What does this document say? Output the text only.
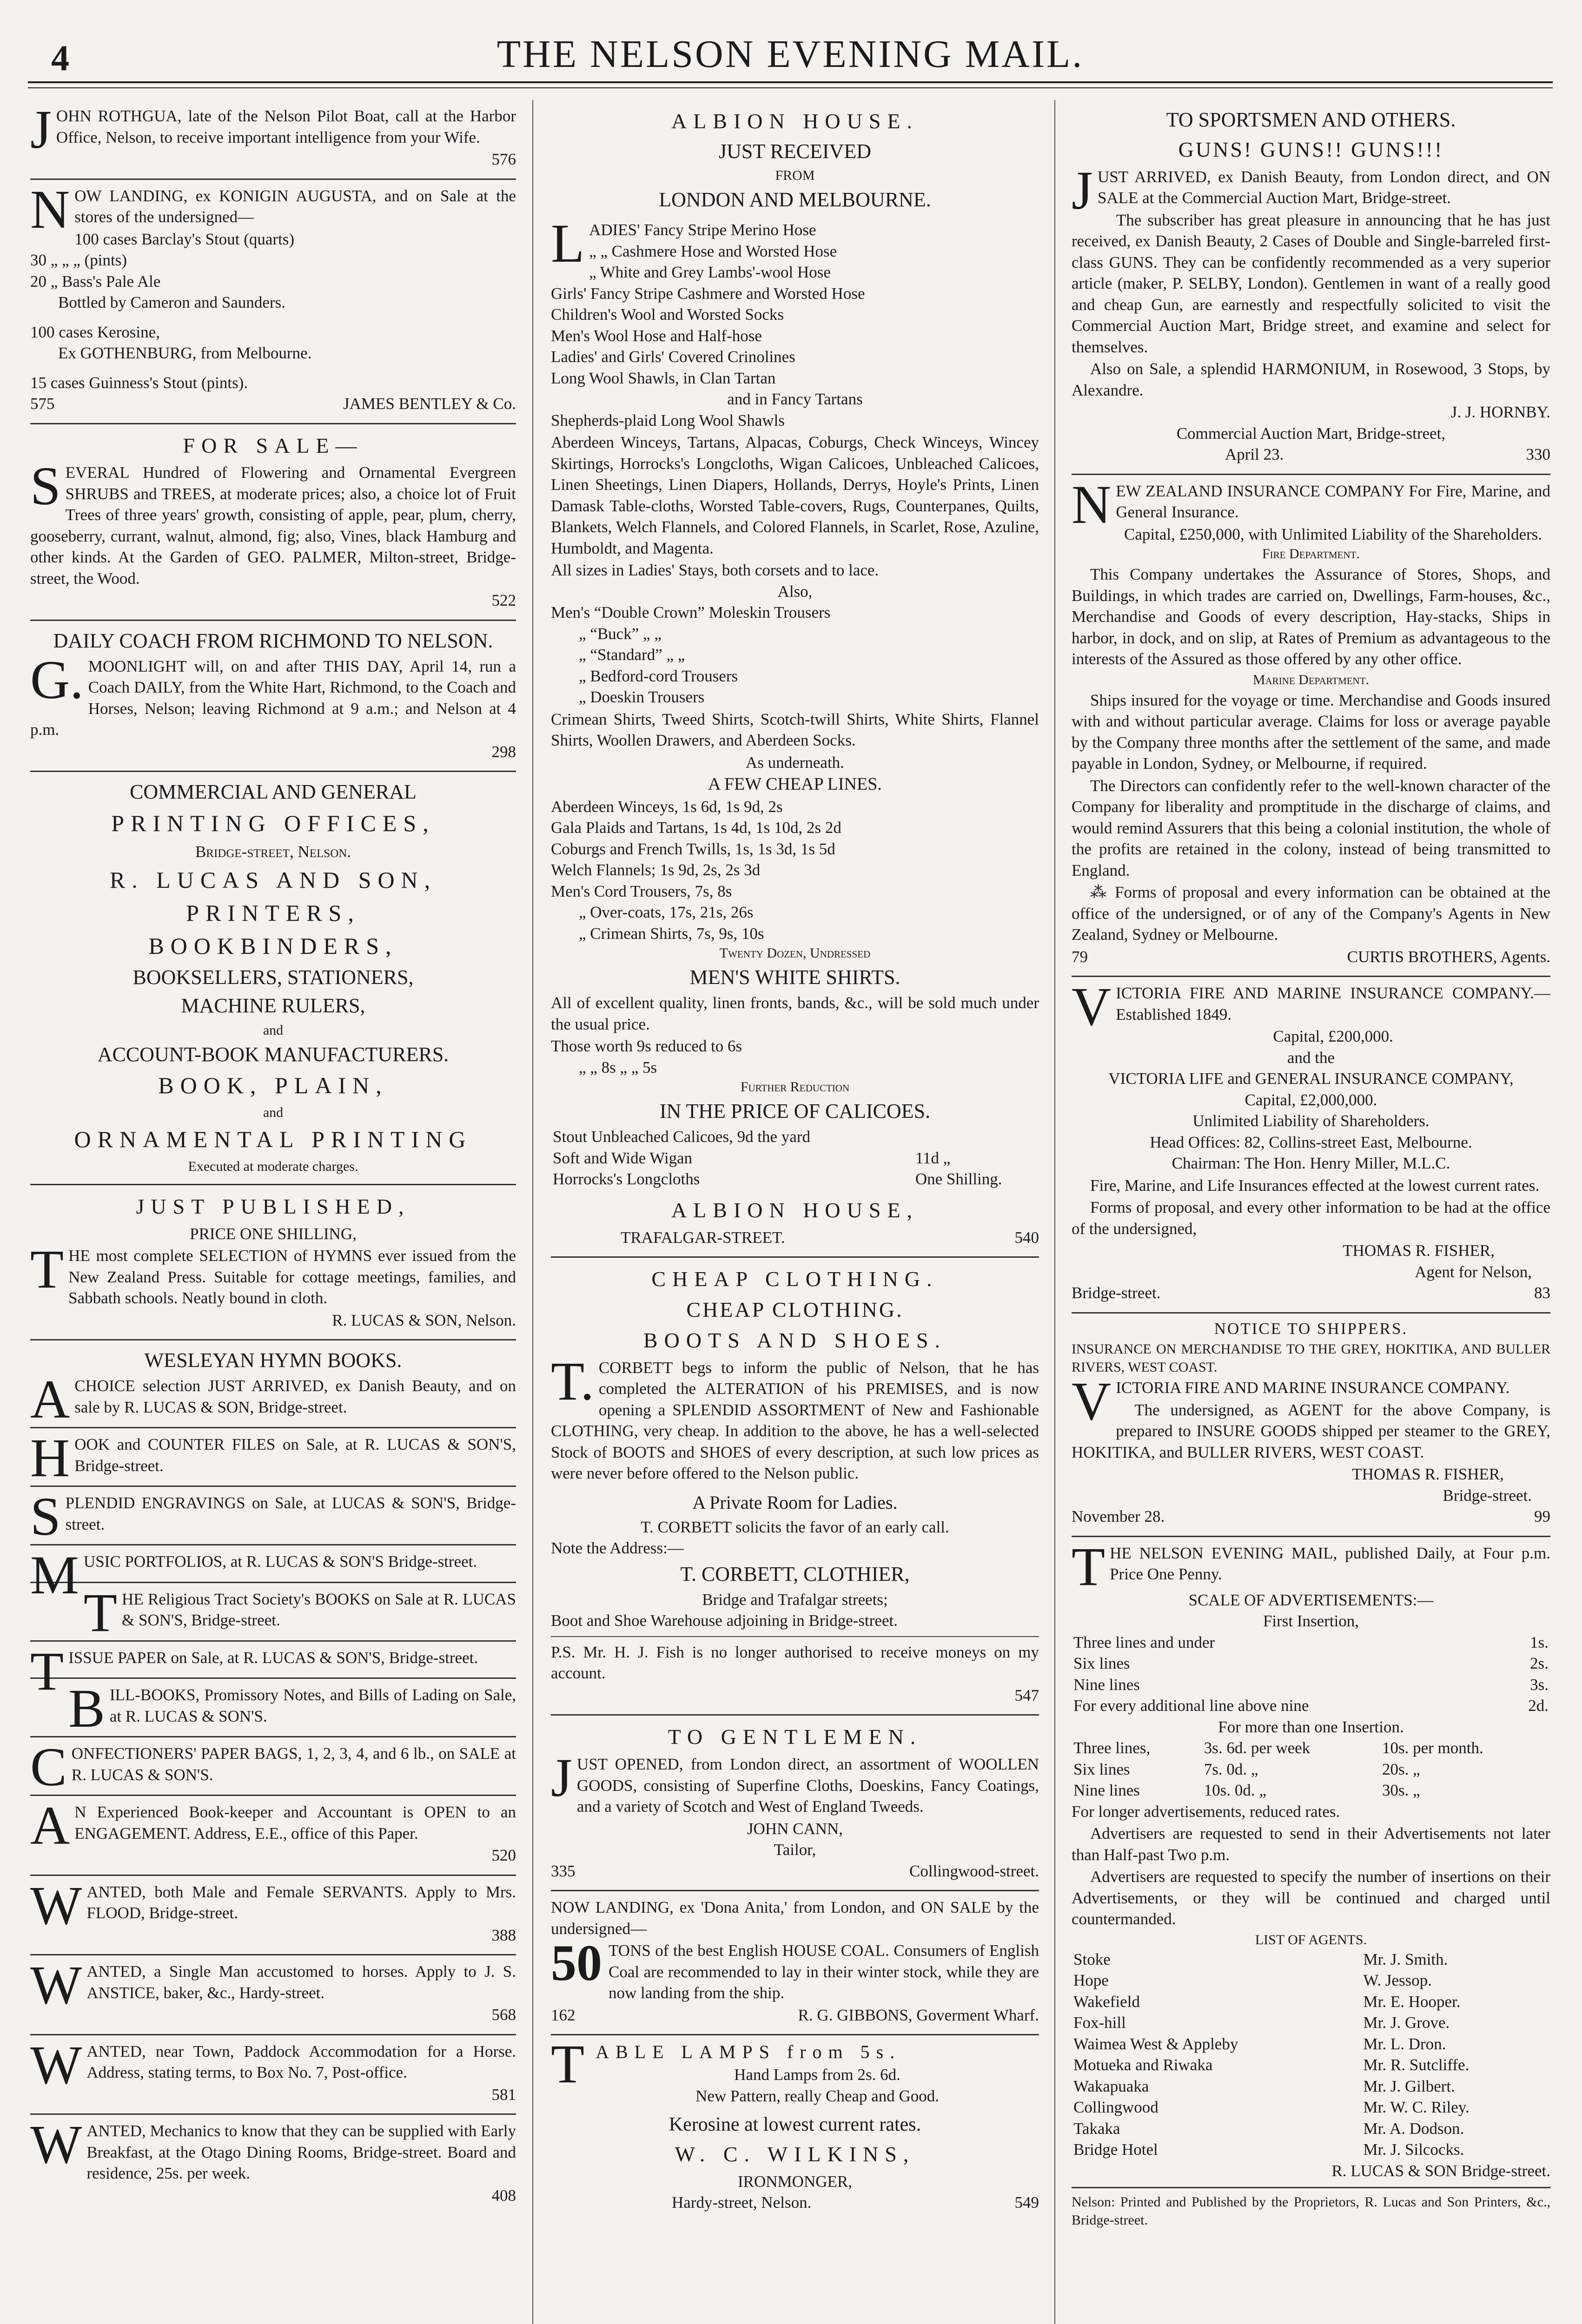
4	THE NELSON EVENING MAIL.

JOHN ROTHGUA, late of the Nelson Pilot Boat, call at the Harbor Office, Nelson, to receive important intelligence from your Wife.

576

NOW LANDING, ex KONIGIN AUGUSTA, and on Sale at the stores of the undersigned—

100 cases Barclay's Stout (quarts)
30 „ „ „ (pints)
20 „ Bass's Pale Ale
Bottled by Cameron and Saunders.
100 cases Kerosine,
Ex GOTHENBURG, from Melbourne.
15 cases Guinness's Stout (pints).
575	JAMES BENTLEY & Co.
FOR SALE—

SEVERAL Hundred of Flowering and Ornamental Evergreen SHRUBS and TREES, at moderate prices; also, a choice lot of Fruit Trees of three years' growth, consisting of apple, pear, plum, cherry, gooseberry, currant, walnut, almond, fig; also, Vines, black Hamburg and other kinds. At the Garden of GEO. PALMER, Milton-street, Bridge-street, the Wood.

522
DAILY COACH FROM RICHMOND TO NELSON.

G.MOONLIGHT will, on and after THIS DAY, April 14, run a Coach DAILY, from the White Hart, Richmond, to the Coach and Horses, Nelson; leaving Richmond at 9 a.m.; and Nelson at 4 p.m.

298
COMMERCIAL AND GENERAL
PRINTING OFFICES,
Bridge-street, Nelson.
R. LUCAS AND SON,
PRINTERS,
BOOKBINDERS,
BOOKSELLERS, STATIONERS,
MACHINE RULERS,
and
ACCOUNT-BOOK MANUFACTURERS.
BOOK, PLAIN,
and
ORNAMENTAL PRINTING
Executed at moderate charges.
JUST PUBLISHED,
PRICE ONE SHILLING,

THE most complete SELECTION of HYMNS ever issued from the New Zealand Press. Suitable for cottage meetings, families, and Sabbath schools. Neatly bound in cloth.

R. LUCAS & SON, Nelson.
WESLEYAN HYMN BOOKS.

ACHOICE selection JUST ARRIVED, ex Danish Beauty, and on sale by R. LUCAS & SON, Bridge-street.

HOOK and COUNTER FILES on Sale, at R. LUCAS & SON'S, Bridge-street.

SPLENDID ENGRAVINGS on Sale, at LUCAS & SON'S, Bridge-street.

MUSIC PORTFOLIOS, at R. LUCAS & SON'S Bridge-street.

THE Religious Tract Society's BOOKS on Sale at R. LUCAS & SON'S, Bridge-street.

TISSUE PAPER on Sale, at R. LUCAS & SON'S, Bridge-street.

BILL-BOOKS, Promissory Notes, and Bills of Lading on Sale, at R. LUCAS & SON'S.

CONFECTIONERS' PAPER BAGS, 1, 2, 3, 4, and 6 lb., on SALE at R. LUCAS & SON'S.

AN Experienced Book-keeper and Accountant is OPEN to an ENGAGEMENT. Address, E.E., office of this Paper.

520

WANTED, both Male and Female SERVANTS. Apply to Mrs. FLOOD, Bridge-street.

388

WANTED, a Single Man accustomed to horses. Apply to J. S. ANSTICE, baker, &c., Hardy-street.

568

WANTED, near Town, Paddock Accommodation for a Horse. Address, stating terms, to Box No. 7, Post-office.

581

WANTED, Mechanics to know that they can be supplied with Early Breakfast, at the Otago Dining Rooms, Bridge-street. Board and residence, 25s. per week.

408
ALBION HOUSE.
JUST RECEIVED
FROM
LONDON AND MELBOURNE.
LADIES' Fancy Stripe Merino Hose
„ „ Cashmere Hose and Worsted Hose
„ White and Grey Lambs'-wool Hose
Girls' Fancy Stripe Cashmere and Worsted Hose
Children's Wool and Worsted Socks
Men's Wool Hose and Half-hose
Ladies' and Girls' Covered Crinolines
Long Wool Shawls, in Clan Tartan
and in Fancy Tartans
Shepherds-plaid Long Wool Shawls

Aberdeen Winceys, Tartans, Alpacas, Coburgs, Check Winceys, Wincey Skirtings, Horrocks's Longcloths, Wigan Calicoes, Unbleached Calicoes, Linen Sheetings, Linen Diapers, Hollands, Derrys, Hoyle's Prints, Linen Damask Table-cloths, Worsted Table-covers, Rugs, Counterpanes, Quilts, Blankets, Welch Flannels, and Colored Flannels, in Scarlet, Rose, Azuline, Humboldt, and Magenta.

All sizes in Ladies' Stays, both corsets and to lace.
Also,
Men's “Double Crown” Moleskin Trousers
„ “Buck” „ „
„ “Standard” „ „
„ Bedford-cord Trousers
„ Doeskin Trousers

Crimean Shirts, Tweed Shirts, Scotch-twill Shirts, White Shirts, Flannel Shirts, Woollen Drawers, and Aberdeen Socks.

As underneath.
A FEW CHEAP LINES.
Aberdeen Winceys, 1s 6d, 1s 9d, 2s
Gala Plaids and Tartans, 1s 4d, 1s 10d, 2s 2d
Coburgs and French Twills, 1s, 1s 3d, 1s 5d
Welch Flannels; 1s 9d, 2s, 2s 3d
Men's Cord Trousers, 7s, 8s
„ Over-coats, 17s, 21s, 26s
„ Crimean Shirts, 7s, 9s, 10s
Twenty Dozen, Undressed
MEN'S WHITE SHIRTS.

All of excellent quality, linen fronts, bands, &c., will be sold much under the usual price.

Those worth 9s reduced to 6s
„ „ 8s „ „ 5s
Further Reduction
IN THE PRICE OF CALICOES.
Stout Unbleached Calicoes, 9d the yard	
Soft and Wide Wigan	11d „
Horrocks's Longcloths	One Shilling.
ALBION HOUSE,
TRAFALGAR-STREET.	540
CHEAP CLOTHING.
CHEAP CLOTHING.
BOOTS AND SHOES.

T.CORBETT begs to inform the public of Nelson, that he has completed the ALTERATION of his PREMISES, and is now opening a SPLENDID ASSORTMENT of New and Fashionable CLOTHING, very cheap. In addition to the above, he has a well-selected Stock of BOOTS and SHOES of every description, at such low prices as were never before offered to the Nelson public.

A Private Room for Ladies.
T. CORBETT solicits the favor of an early call.
Note the Address:—
T. CORBETT, CLOTHIER,
Bridge and Trafalgar streets;
Boot and Shoe Warehouse adjoining in Bridge-street.

P.S. Mr. H. J. Fish is no longer authorised to receive moneys on my account.

547
TO GENTLEMEN.

JUST OPENED, from London direct, an assortment of WOOLLEN GOODS, consisting of Superfine Cloths, Doeskins, Fancy Coatings, and a variety of Scotch and West of England Tweeds.

JOHN CANN,
Tailor,
335	Collingwood-street.

NOW LANDING, ex 'Dona Anita,' from London, and ON SALE by the undersigned—

50 TONS of the best English HOUSE COAL. Consumers of English Coal are recommended to lay in their winter stock, while they are now landing from the ship.

162	R. G. GIBBONS, Goverment Wharf.
TABLE LAMPS from 5s.
Hand Lamps from 2s. 6d.
New Pattern, really Cheap and Good.
Kerosine at lowest current rates.
W. C. WILKINS,
IRONMONGER,
Hardy-street, Nelson.	549
TO SPORTSMEN AND OTHERS.
GUNS! GUNS!! GUNS!!!

JUST ARRIVED, ex Danish Beauty, from London direct, and ON SALE at the Commercial Auction Mart, Bridge-street.

The subscriber has great pleasure in announcing that he has just received, ex Danish Beauty, 2 Cases of Double and Single-barreled first-class GUNS. They can be confidently recommended as a very superior article (maker, P. SELBY, London). Gentlemen in want of a really good and cheap Gun, are earnestly and respectfully solicited to visit the Commercial Auction Mart, Bridge street, and examine and select for themselves.

Also on Sale, a splendid HARMONIUM, in Rosewood, 3 Stops, by Alexandre.

J. J. HORNBY.
Commercial Auction Mart, Bridge-street,
April 23.	330

NEW ZEALAND INSURANCE COMPANY For Fire, Marine, and General Insurance.

Capital, £250,000, with Unlimited Liability of the Shareholders.
Fire Department.

This Company undertakes the Assurance of Stores, Shops, and Buildings, in which trades are carried on, Dwellings, Farm-houses, &c., Merchandise and Goods of every description, Hay-stacks, Ships in harbor, in dock, and on slip, at Rates of Premium as advantageous to the interests of the Assured as those offered by any other office.

Marine Department.

Ships insured for the voyage or time. Merchandise and Goods insured with and without particular average. Claims for loss or average payable by the Company three months after the settlement of the same, and made payable in London, Sydney, or Melbourne, if required.

The Directors can confidently refer to the well-known character of the Company for liberality and promptitude in the discharge of claims, and would remind Assurers that this being a colonial institution, the whole of the profits are retained in the colony, instead of being transmitted to England.

⁂ Forms of proposal and every information can be obtained at the office of the undersigned, or of any of the Company's Agents in New Zealand, Sydney or Melbourne.

79	CURTIS BROTHERS, Agents.

VICTORIA FIRE AND MARINE INSURANCE COMPANY.—Established 1849.

Capital, £200,000.
and the
VICTORIA LIFE and GENERAL INSURANCE COMPANY,
Capital, £2,000,000.
Unlimited Liability of Shareholders.
Head Offices: 82, Collins-street East, Melbourne.
Chairman: The Hon. Henry Miller, M.L.C.

Fire, Marine, and Life Insurances effected at the lowest current rates.

Forms of proposal, and every other information to be had at the office of the undersigned,

THOMAS R. FISHER,
Agent for Nelson,
Bridge-street.	83
NOTICE TO SHIPPERS.

INSURANCE ON MERCHANDISE TO THE GREY, HOKITIKA, AND BULLER RIVERS, WEST COAST.

VICTORIA FIRE AND MARINE INSURANCE COMPANY.

The undersigned, as AGENT for the above Company, is prepared to INSURE GOODS shipped per steamer to the GREY, HOKITIKA, and BULLER RIVERS, WEST COAST.

THOMAS R. FISHER,
Bridge-street.
November 28.	99

THE NELSON EVENING MAIL, published Daily, at Four p.m. Price One Penny.

SCALE OF ADVERTISEMENTS:—
First Insertion,
Three lines and under	1s.
Six lines	2s.
Nine lines	3s.
For every additional line above nine	2d.
For more than one Insertion.
Three lines,	3s. 6d. per week	10s. per month.
Six lines	7s. 0d. „	20s. „
Nine lines	10s. 0d. „	30s. „
For longer advertisements, reduced rates.

Advertisers are requested to send in their Advertisements not later than Half-past Two p.m.

Advertisers are requested to specify the number of insertions on their Advertisements, or they will be continued and charged until countermanded.

LIST OF AGENTS.
Stoke	Mr. J. Smith.
Hope	W. Jessop.
Wakefield	Mr. E. Hooper.
Fox-hill	Mr. J. Grove.
Waimea West & Appleby	Mr. L. Dron.
Motueka and Riwaka	Mr. R. Sutcliffe.
Wakapuaka	Mr. J. Gilbert.
Collingwood	Mr. W. C. Riley.
Takaka	Mr. A. Dodson.
Bridge Hotel	Mr. J. Silcocks.
R. LUCAS & SON Bridge-street.

Nelson: Printed and Published by the Proprietors, R. Lucas and Son Printers, &c., Bridge-street.
